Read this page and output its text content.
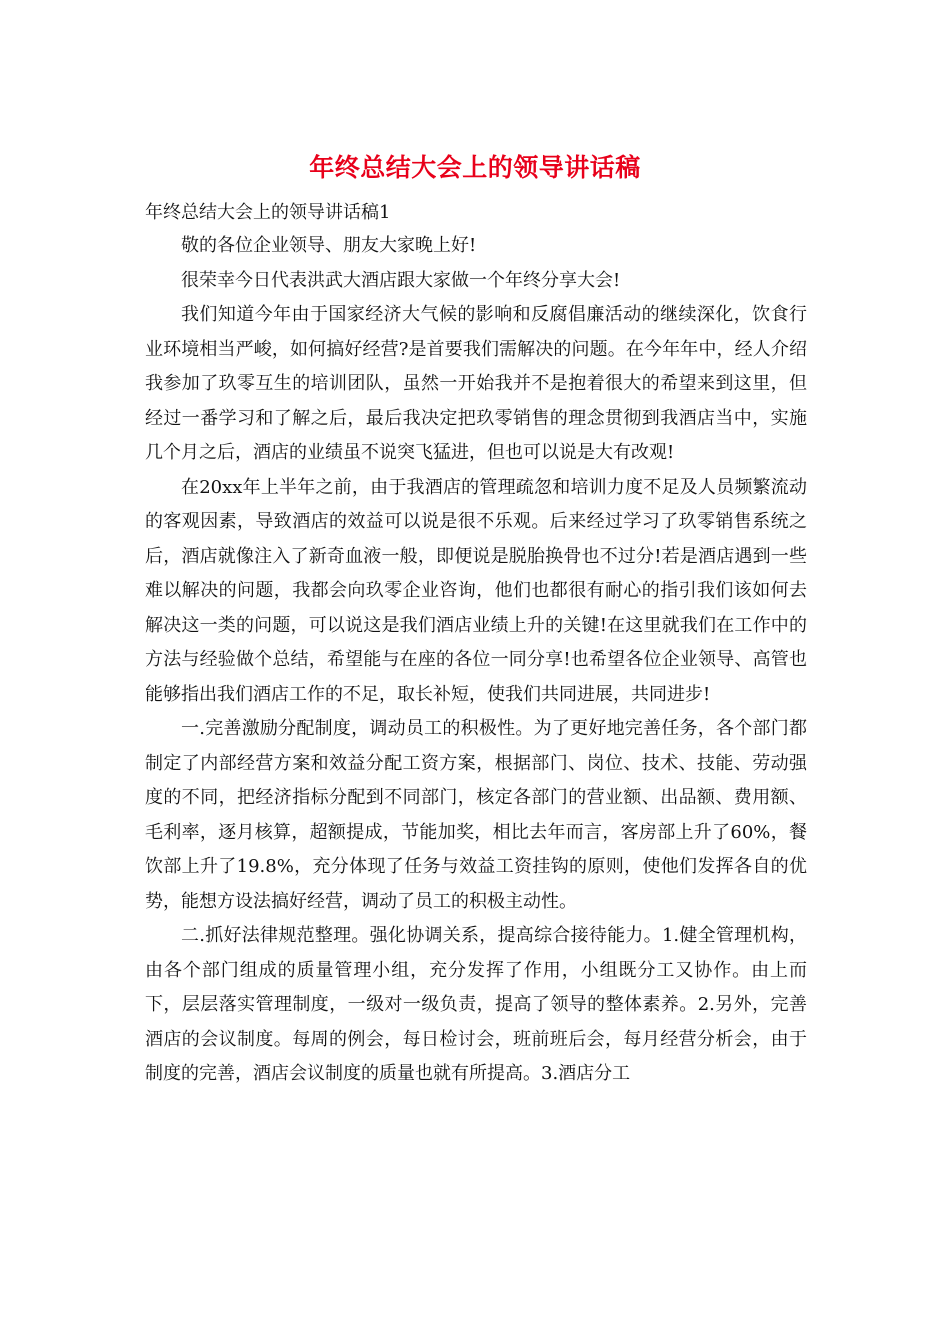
年终总结大会上的领导讲话稿
年终总结大会上的领导讲话稿1

敬的各位企业领导、朋友大家晚上好!

很荣幸今日代表洪武大酒店跟大家做一个年终分享大会!

我们知道今年由于国家经济大气候的影响和反腐倡廉活动的继续深化，饮食行业环境相当严峻，如何搞好经营?是首要我们需解决的问题。在今年年中，经人介绍我参加了玖零互生的培训团队，虽然一开始我并不是抱着很大的希望来到这里，但经过一番学习和了解之后，最后我决定把玖零销售的理念贯彻到我酒店当中，实施几个月之后，酒店的业绩虽不说突飞猛进，但也可以说是大有改观!

在20xx年上半年之前，由于我酒店的管理疏忽和培训力度不足及人员频繁流动的客观因素，导致酒店的效益可以说是很不乐观。后来经过学习了玖零销售系统之后，酒店就像注入了新奇血液一般，即便说是脱胎换骨也不过分!若是酒店遇到一些难以解决的问题，我都会向玖零企业咨询，他们也都很有耐心的指引我们该如何去解决这一类的问题，可以说这是我们酒店业绩上升的关键!在这里就我们在工作中的方法与经验做个总结，希望能与在座的各位一同分享!也希望各位企业领导、高管也能够指出我们酒店工作的不足，取长补短，使我们共同进展，共同进步!

一.完善激励分配制度，调动员工的积极性。为了更好地完善任务，各个部门都制定了内部经营方案和效益分配工资方案，根据部门、岗位、技术、技能、劳动强度的不同，把经济指标分配到不同部门，核定各部门的营业额、出品额、费用额、毛利率，逐月核算，超额提成，节能加奖，相比去年而言，客房部上升了60%，餐饮部上升了19.8%，充分体现了任务与效益工资挂钩的原则，使他们发挥各自的优势，能想方设法搞好经营，调动了员工的积极主动性。

二.抓好法律规范整理。强化协调关系，提高综合接待能力。1.健全管理机构，由各个部门组成的质量管理小组，充分发挥了作用，小组既分工又协作。由上而下，层层落实管理制度，一级对一级负责，提高了领导的整体素养。2.另外，完善酒店的会议制度。每周的例会，每日检讨会，班前班后会，每月经营分析会，由于制度的完善，酒店会议制度的质量也就有所提高。3.酒店分工
